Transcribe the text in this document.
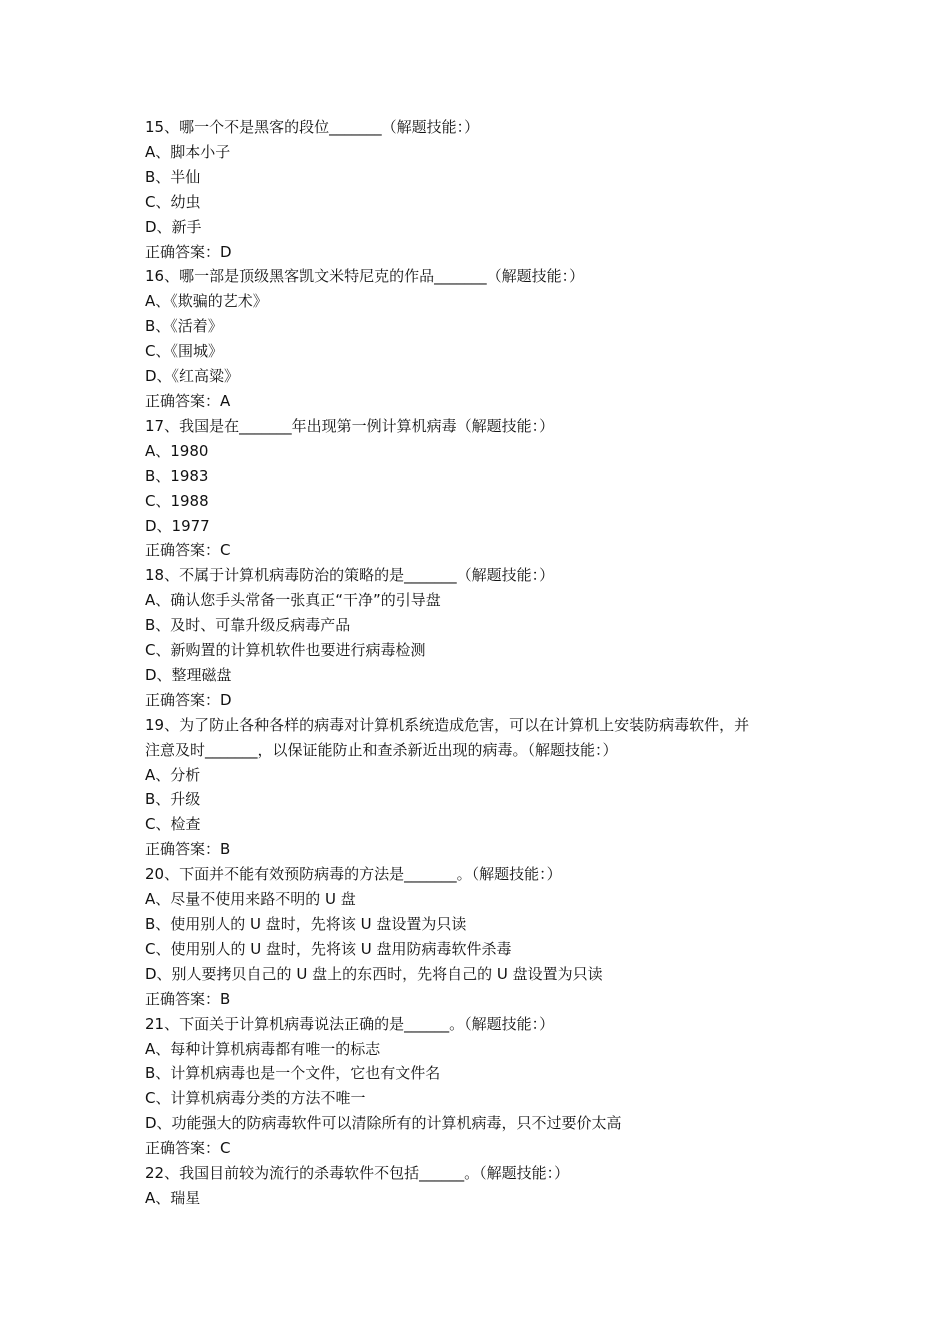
15、哪一个不是黑客的段位_______（解题技能：）

A、脚本小子

B、半仙

C、幼虫

D、新手

正确答案：D

16、哪一部是顶级黑客凯文米特尼克的作品_______（解题技能：）

A、《欺骗的艺术》

B、《活着》

C、《围城》

D、《红高粱》

正确答案：A

17、我国是在_______年出现第一例计算机病毒（解题技能：）

A、1980

B、1983

C、1988

D、1977

正确答案：C

18、不属于计算机病毒防治的策略的是_______（解题技能：）

A、确认您手头常备一张真正“干净”的引导盘

B、及时、可靠升级反病毒产品

C、新购置的计算机软件也要进行病毒检测

D、整理磁盘

正确答案：D

19、为了防止各种各样的病毒对计算机系统造成危害，可以在计算机上安装防病毒软件，并

注意及时_______，以保证能防止和查杀新近出现的病毒。（解题技能：）

A、分析

B、升级

C、检查

正确答案：B

20、下面并不能有效预防病毒的方法是_______。（解题技能：）

A、尽量不使用来路不明的 U 盘

B、使用别人的 U 盘时，先将该 U 盘设置为只读

C、使用别人的 U 盘时，先将该 U 盘用防病毒软件杀毒

D、别人要拷贝自己的 U 盘上的东西时，先将自己的 U 盘设置为只读

正确答案：B

21、下面关于计算机病毒说法正确的是______。（解题技能：）

A、每种计算机病毒都有唯一的标志

B、计算机病毒也是一个文件，它也有文件名

C、计算机病毒分类的方法不唯一

D、功能强大的防病毒软件可以清除所有的计算机病毒，只不过要价太高

正确答案：C

22、我国目前较为流行的杀毒软件不包括______。（解题技能：）

A、瑞星
